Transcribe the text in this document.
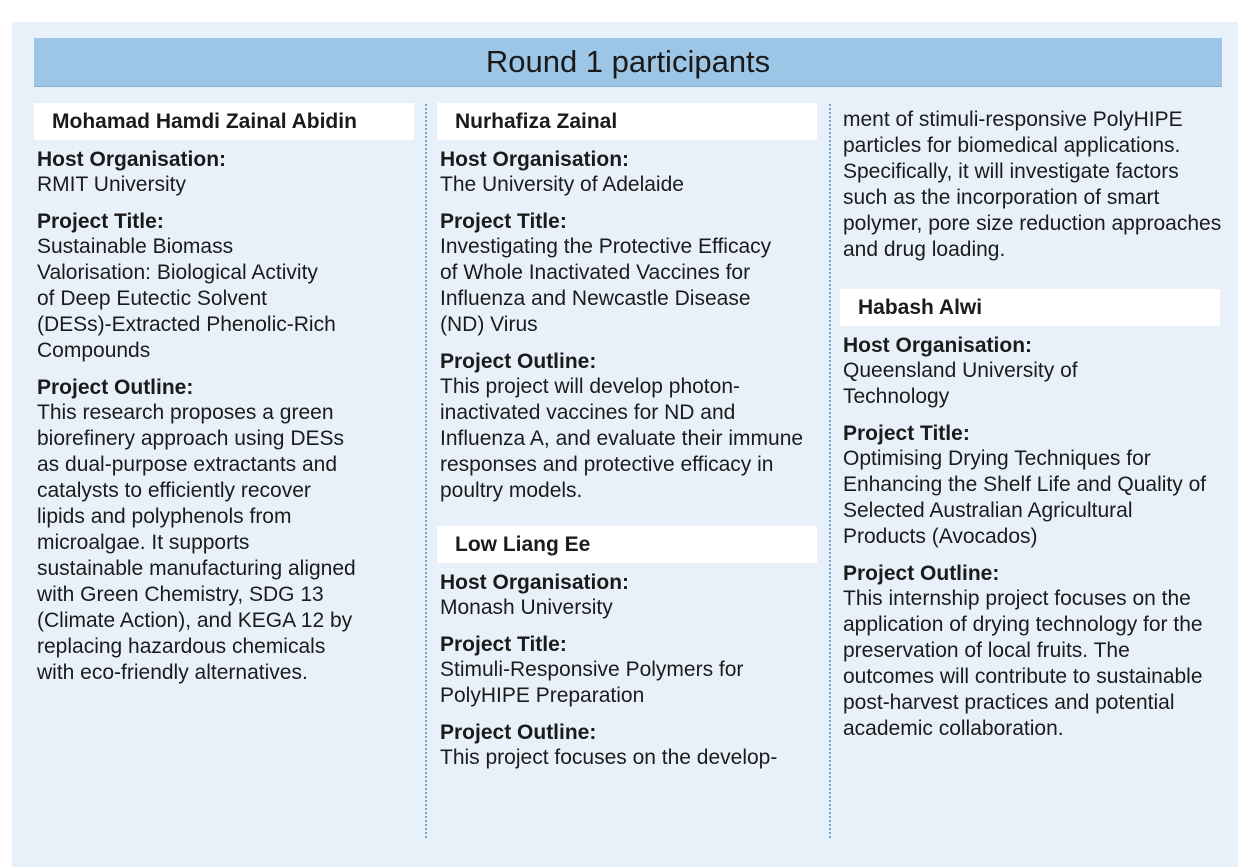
Round 1 participants
Mohamad Hamdi Zainal Abidin
Host Organisation:
RMIT University
Project Title:
Sustainable Biomass Valorisation: Biological Activity of Deep Eutectic Solvent (DESs)-Extracted Phenolic-Rich Compounds
Project Outline:
This research proposes a green biorefinery approach using DESs as dual-purpose extractants and catalysts to efficiently recover lipids and polyphenols from microalgae. It supports sustainable manufacturing aligned with Green Chemistry, SDG 13 (Climate Action), and KEGA 12 by replacing hazardous chemicals with eco-friendly alternatives.
Nurhafiza Zainal
Host Organisation:
The University of Adelaide
Project Title:
Investigating the Protective Efficacy of Whole Inactivated Vaccines for Influenza and Newcastle Disease (ND) Virus
Project Outline:
This project will develop photon-inactivated vaccines for ND and Influenza A, and evaluate their immune responses and protective efficacy in poultry models.
Low Liang Ee
Host Organisation:
Monash University
Project Title:
Stimuli-Responsive Polymers for PolyHIPE Preparation
Project Outline:
This project focuses on the develop-
ment of stimuli-responsive PolyHIPE particles for biomedical applications. Specifically, it will investigate factors such as the incorporation of smart polymer, pore size reduction approaches and drug loading.
Habash Alwi
Host Organisation:
Queensland University of Technology
Project Title:
Optimising Drying Techniques for Enhancing the Shelf Life and Quality of Selected Australian Agricultural Products (Avocados)
Project Outline:
This internship project focuses on the application of drying technology for the preservation of local fruits. The outcomes will contribute to sustainable post-harvest practices and potential academic collaboration.
